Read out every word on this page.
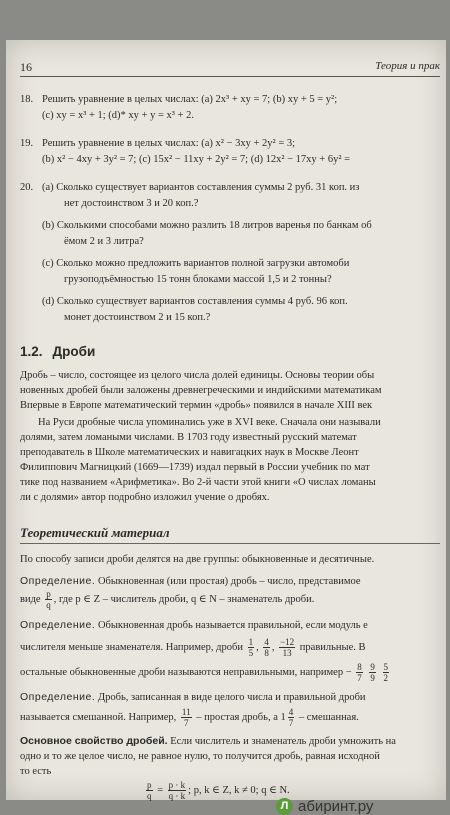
16	Теория и прак
18. Решить уравнение в целых числах: (a) 2x³ + xy = 7; (b) xy + 5 = y²;
(c) xy = x³ + 1; (d)* xy + y = x³ + 2.
19. Решить уравнение в целых числах: (a) x² − 3xy + 2y² = 3;
(b) x² − 4xy + 3y² = 7; (c) 15x² − 11xy + 2y² = 7; (d) 12x² − 17xy + 6y² =
20. (a) Сколько существует вариантов составления суммы 2 руб. 31 коп. из
нет достоинством 3 и 20 коп.?
(b) Сколькими способами можно разлить 18 литров варенья по банкам об
ёмом 2 и 3 литра?
(c) Сколько можно предложить вариантов полной загрузки автомоби
грузоподъёмностью 15 тонн блоками массой 1,5 и 2 тонны?
(d) Сколько существует вариантов составления суммы 4 руб. 96 коп.
монет достоинством 2 и 15 коп.?
1.2. Дроби
Дробь – число, состоящее из целого числа долей единицы. Основы теории обы
новенных дробей были заложены древнегреческими и индийскими математикам
Впервые в Европе математический термин «дробь» появился в начале XIII век
На Руси дробные числа упоминались уже в XVI веке. Сначала они называли
долями, затем ломаными числами. В 1703 году известный русский математ
преподаватель в Школе математических и навигацких наук в Москве Леонт
Филиппович Магницкий (1669—1739) издал первый в России учебник по мат
тике под названием «Арифметика». Во 2-й части этой книги «О числах ломаны
ли с долями» автор подробно изложил учение о дробях.
Теоретический материал
По способу записи дроби делятся на две группы: обыкновенные и десятичные.
Определение. Обыкновенная (или простая) дробь – число, представимое
виде $\frac{p}{q}$ , где p ∈ Z – числитель дроби, q ∈ N – знаменатель дроби.
Определение. Обыкновенная дробь называется правильной, если модуль е
числителя меньше знаменателя. Например, дроби $\frac{1}{5}$ , $\frac{4}{8}$ , $\frac{-12}{13}$ правильные. В
остальные обыкновенные дроби называются неправильными, например − $\frac{8}{7}$
$\frac{9}{9}$
$\frac{5}{2}$
Определение. Дробь, записанная в виде целого числа и правильной дроби
называется смешанной. Например, $\frac{11}{7}$ – простая дробь, а $1 \frac{4}{7}$ – смешанная.
Основное свойство дробей. Если числитель и знаменатель дроби умножить на
одно и то же целое число, не равное нулю, то получится дробь, равная исходной
то есть
$\frac{p}{q} = \frac{p \cdot k}{q \cdot k}$ ; p, k ∈ Z, k ≠ 0; q ∈ N.
Л абиринт.ру
